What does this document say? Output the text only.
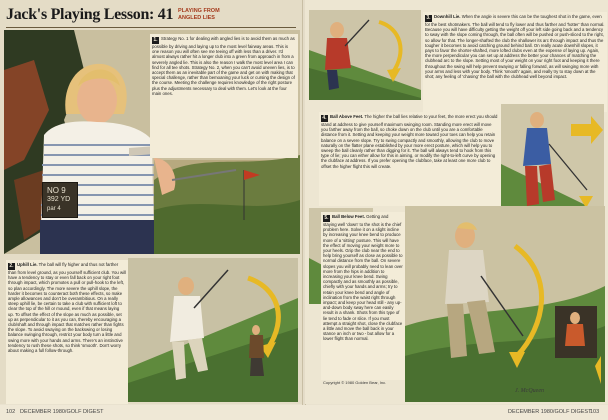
Jack's Playing Lesson: 41 PLAYING FROM ANGLED LIES
NO 9
392 YD
par 4
1. Strategy No. 1 for dealing with angled lies is to avoid them as much as possible by driving and laying up to the most level fairway areas. This is one reason you will often see me teeing off with less than a driver. I'd almost always rather hit a longer club into a green from approach in from a severely angled lie. This is also the reason I walk the most level area I can find for all tee shots. Strategy No. 2, when you can't avoid uneven lies, is to accept them as an inevitable part of the game and get on with making that special challenge, rather than bemoaning your luck or cursing the design of the course. Meeting the challenge requires knowledge of the right posture plus the adjustments necessary to deal with them. Let's look at the four main ones.
2. Uphill Lie. The ball will fly higher and thus not farther than from level ground, as you yourself sufficient club. You will have a tendency to stay or even fall back on your right foot through impact, which promotes a pull or pull-hook to the left, so plan accordingly. The more severe the uphill slope, the harder it becomes to counteract both these effects, so make ample allowances and don't be overambitious. On a really steep uphill lie, be certain to take a club with sufficient loft to clear the top of the hill or mound, even if that means laying up. To offset the effect of the slope as much as possible, set up as perpendicular to it as you can, thereby encouraging a club/shaft and through impact that matches rather than fights the slope. To avoid swaying on the backswing or losing balance swinging through, restrict your body turn a little and swing more with your hands and arms. There's an instinctive tendency to rush these shots, so think 'smooth'. Don't worry about making a full follow-through.
3. Downhill Lie. When the angle is severe this can be the toughest shot in the game, even for the best shotmakers. The ball will tend to fly lower and thus farther and 'hotter' than normal. Because you will have difficulty getting the weight off your left side going back and a tendency to sway with the slope coming through, the ball often will be pushed or push-sliced to the right, so allow for that. The longer-shafted the club the shallower its arc through impact and thus the tougher it becomes to avoid catching ground behind ball. On really acute downhill slopes, it pays to favor the shorter-shafted, more lofted clubs even at the expense of laying up. Again, the more perpendicular you can set up at address the better your chances of matching the clubhead arc to the slope. Setting most of your weight on your right foot and keeping it there throughout the swing will help prevent swaying or falling forward, as will swinging more with your arms and less with your body. Think 'smooth' again, and really try to stay down at the shot; any feeling of 'chasing' the ball with the clubhead well beyond impact.
4. Ball Above Feet. The higher the ball lies relative to your feet, the more erect you should stand at address to give yourself maximum swinging room. Standing more erect will move you farther away from the ball, so choke down on the club until you are a comfortable distance from it. Setting and keeping your weight more toward your toes can help you retain balance on a severe slope. Try to swing compactly and smoothly, allowing the club to move naturally on the flatter plane established by your more erect posture, which will help you to sweep the ball cleanly rather than digging for it. The ball will always tend to hook from this type of lie; you can either allow for this in aiming, or modify the right-to-left curve by opening the clubface at address. If you prefer opening the clubface, take at least one more club to offset the higher flight this will create.
5. Ball Below Feet. Getting and staying well 'down' to the shot is the chief problem here. Solve it on a slight incline by increasing your knee bend to produce more of a 'sitting' posture. This will have the effect of moving your weight more to your heels. Grip the club near the end to help bring yourself as close as possible to normal distance from the ball. On severe slopes you will probably need to lean over more from the hips in addition to increasing your knee bend. Swing compactly and as smoothly as possible, chiefly with your hands and arms; try to retain your knee bend and angle of inclination from the waist right through impact; and keep your head still - any up-and-down body sway here can easily result in a shank. Shots from this type of lie tend to fade or slice. If you must attempt a straight shot, close the clubface a little and move the ball back in your stance an inch or two - but allow for a lower flight than normal.
Copyright © 1980 Golden Bear, Inc.
J. McQueen
102 DECEMBER 1980/GOLF DIGEST	DECEMBER 1980/GOLF DIGEST
103
